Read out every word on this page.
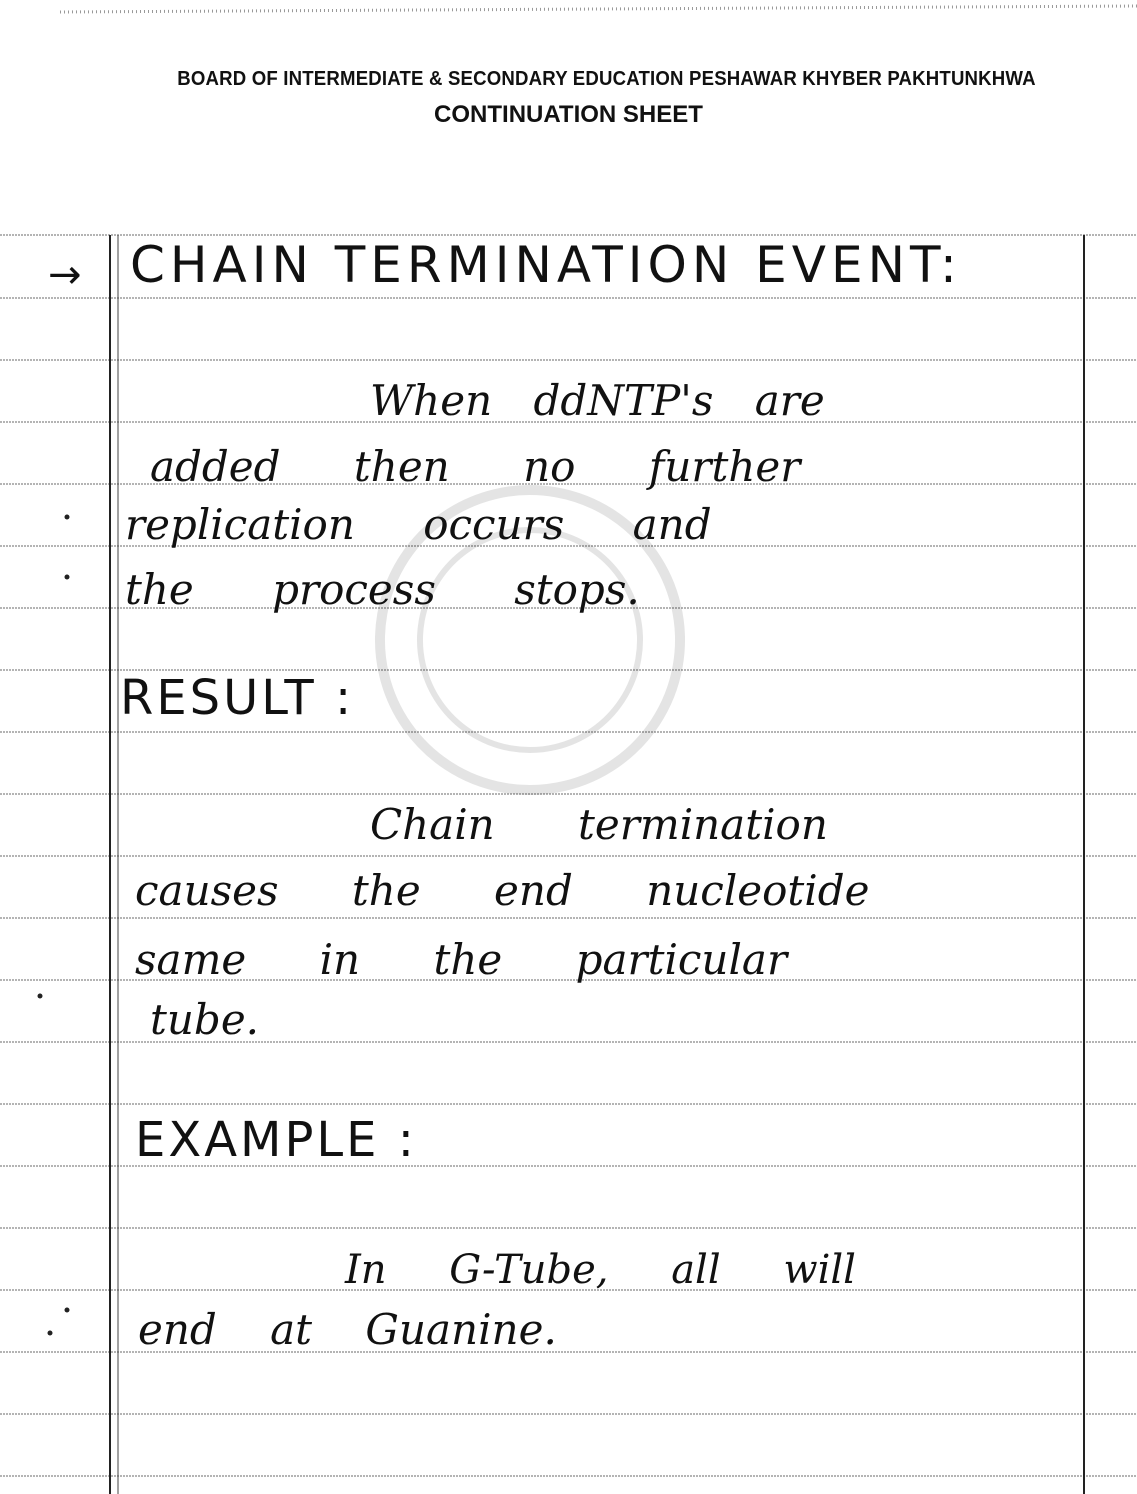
BOARD OF INTERMEDIATE & SECONDARY EDUCATION PESHAWAR KHYBER PAKHTUNKHWA
CONTINUATION SHEET
→ CHAIN TERMINATION EVENT:
When ddNTP's are
added then no further
replication occurs and
the process stops.
RESULT :
Chain termination
causes the end nucleotide
same in the particular
tube.
EXAMPLE :
In G-Tube, all will
end at Guanine.
